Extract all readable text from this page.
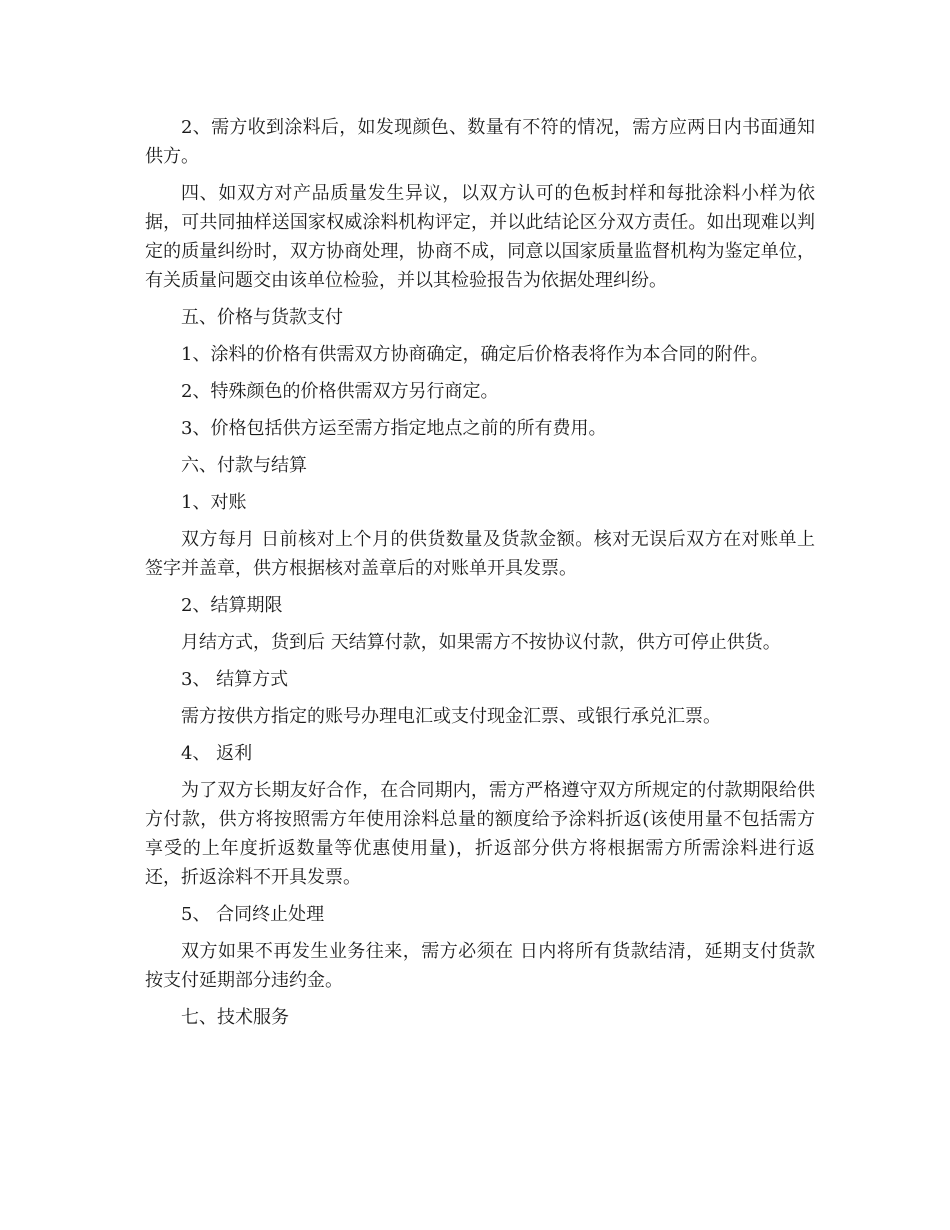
2、需方收到涂料后，如发现颜色、数量有不符的情况，需方应两日内书面通知供方。

四、如双方对产品质量发生异议，以双方认可的色板封样和每批涂料小样为依据，可共同抽样送国家权威涂料机构评定，并以此结论区分双方责任。如出现难以判定的质量纠纷时，双方协商处理，协商不成，同意以国家质量监督机构为鉴定单位，有关质量问题交由该单位检验，并以其检验报告为依据处理纠纷。

五、价格与货款支付

1、涂料的价格有供需双方协商确定，确定后价格表将作为本合同的附件。

2、特殊颜色的价格供需双方另行商定。

3、价格包括供方运至需方指定地点之前的所有费用。

六、付款与结算

1、对账

双方每月 日前核对上个月的供货数量及货款金额。核对无误后双方在对账单上签字并盖章，供方根据核对盖章后的对账单开具发票。

2、结算期限

月结方式，货到后 天结算付款，如果需方不按协议付款，供方可停止供货。

3、 结算方式

需方按供方指定的账号办理电汇或支付现金汇票、或银行承兑汇票。

4、 返利

为了双方长期友好合作，在合同期内，需方严格遵守双方所规定的付款期限给供方付款，供方将按照需方年使用涂料总量的额度给予涂料折返(该使用量不包括需方享受的上年度折返数量等优惠使用量)，折返部分供方将根据需方所需涂料进行返还，折返涂料不开具发票。

5、 合同终止处理

双方如果不再发生业务往来，需方必须在 日内将所有货款结清，延期支付货款按支付延期部分违约金。

七、技术服务
